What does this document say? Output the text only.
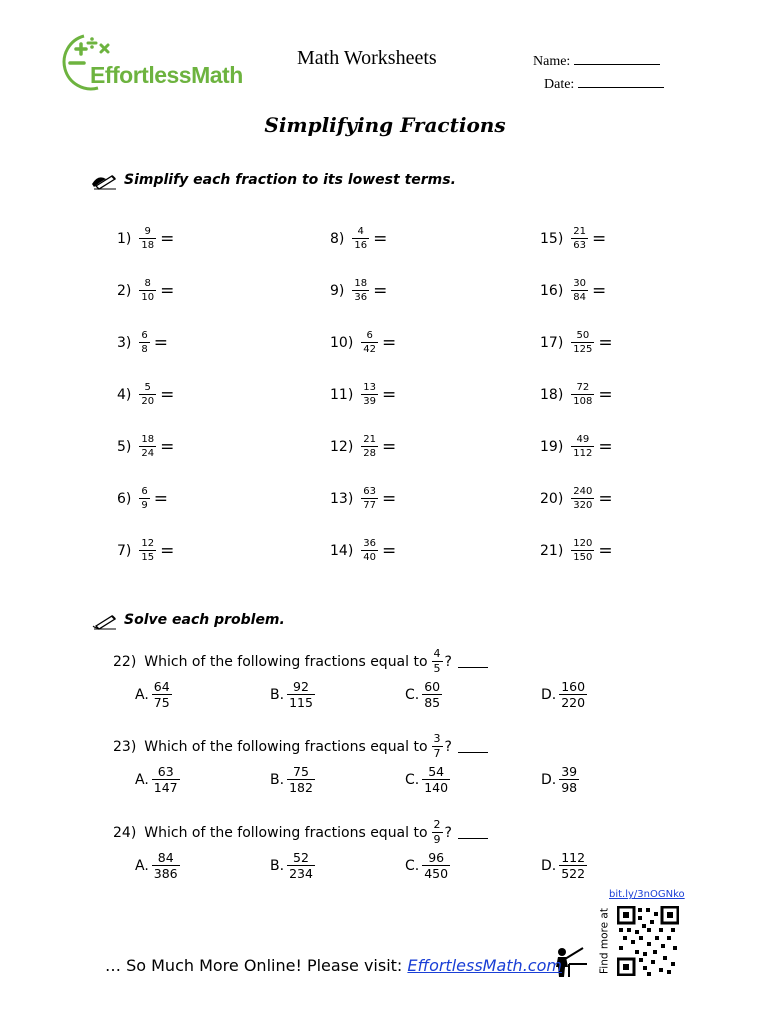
EffortlessMath
Math Worksheets	Name:
Date:
Simplifying Fractions
Simplify each fraction to its lowest terms.
$1) \frac{9}{18}$ =
$2) \frac{8}{10}$ =
$3) \frac{6}{8}$ =
$4) \frac{5}{20}$ =
$5) \frac{18}{24}$ =
$6) \frac{6}{9}$ =
$7) \frac{12}{15}$ =
$8) \frac{4}{16}$ =
$9) \frac{18}{36}$ =
$10) \frac{6}{42}$ =
$11) \frac{13}{39}$ =
$12) \frac{21}{28}$ =
$13) \frac{63}{77}$ =
$14) \frac{36}{40}$ =
$15) \frac{21}{63}$ =
$16) \frac{30}{84}$ =
$17) \frac{50}{125}$ =
$18) \frac{72}{108}$ =
$19) \frac{49}{112}$ =
$20) \frac{240}{320}$ =
$21) \frac{120}{150}$ =
Solve each problem.
22) Which of the following fractions equal to $\frac{4}{5}$ ?
A. $\frac{64}{75}$	B. $\frac{92}{115}$	C. $\frac{60}{85}$	D. $\frac{160}{220}$
23) Which of the following fractions equal to $\frac{3}{7}$ ?
A. $\frac{63}{147}$	B. $\frac{75}{182}$	C. $\frac{54}{140}$	D. $\frac{39}{98}$
24) Which of the following fractions equal to $\frac{2}{9}$ ?
A. $\frac{84}{386}$	B. $\frac{52}{234}$	C. $\frac{96}{450}$	D. $\frac{112}{522}$
bit.ly/3nOGNko
Find more at
… So Much More Online! Please visit: EffortlessMath.com
